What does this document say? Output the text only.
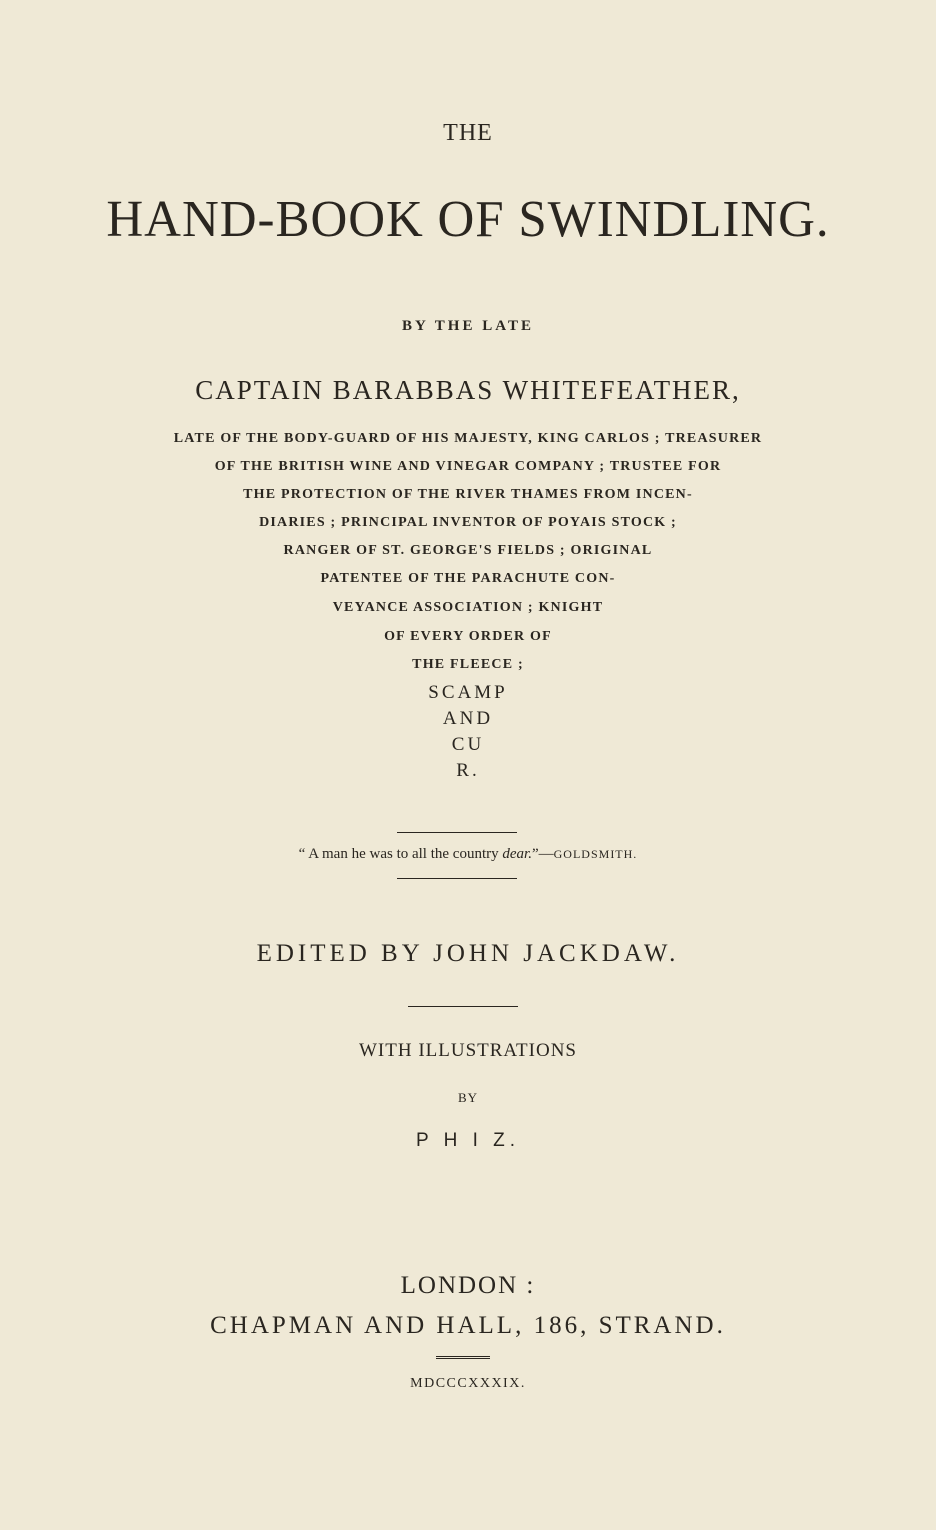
THE
HAND-BOOK OF SWINDLING.
BY THE LATE
CAPTAIN BARABBAS WHITEFEATHER,
LATE OF THE BODY-GUARD OF HIS MAJESTY, KING CARLOS ; TREASURER
OF THE BRITISH WINE AND VINEGAR COMPANY ; TRUSTEE FOR
THE PROTECTION OF THE RIVER THAMES FROM INCEN-
DIARIES ; PRINCIPAL INVENTOR OF POYAIS STOCK ;
RANGER OF ST. GEORGE'S FIELDS ; ORIGINAL
PATENTEE OF THE PARACHUTE CON-
VEYANCE ASSOCIATION ; KNIGHT
OF EVERY ORDER OF
THE FLEECE ;
SCAMP
AND
CU
R.
“ A man he was to all the country dear.”—GOLDSMITH.
EDITED BY JOHN JACKDAW.
WITH ILLUSTRATIONS
BY
P H I Z.
LONDON :
CHAPMAN AND HALL, 186, STRAND.
MDCCCXXXIX.
